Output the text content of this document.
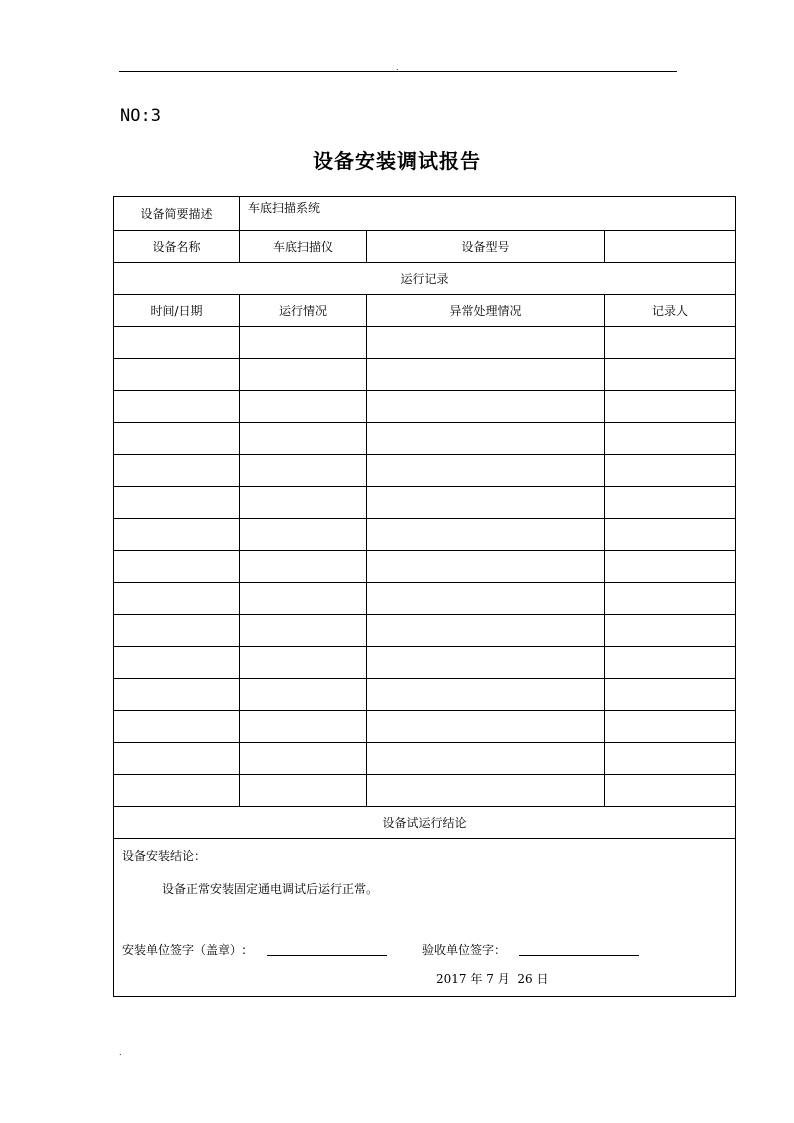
.
NO:3
设备安装调试报告
设备简要描述	车底扫描系统		
设备名称	车底扫描仪	设备型号	
运行记录			
时间/日期	运行情况	异常处理情况	记录人

设备试运行结论			

设备安装结论：
设备正常安装固定通电调试后运行正常。
安装单位签字（盖章）: 验收单位签字：
2017 年 7 月 26 日			
.
